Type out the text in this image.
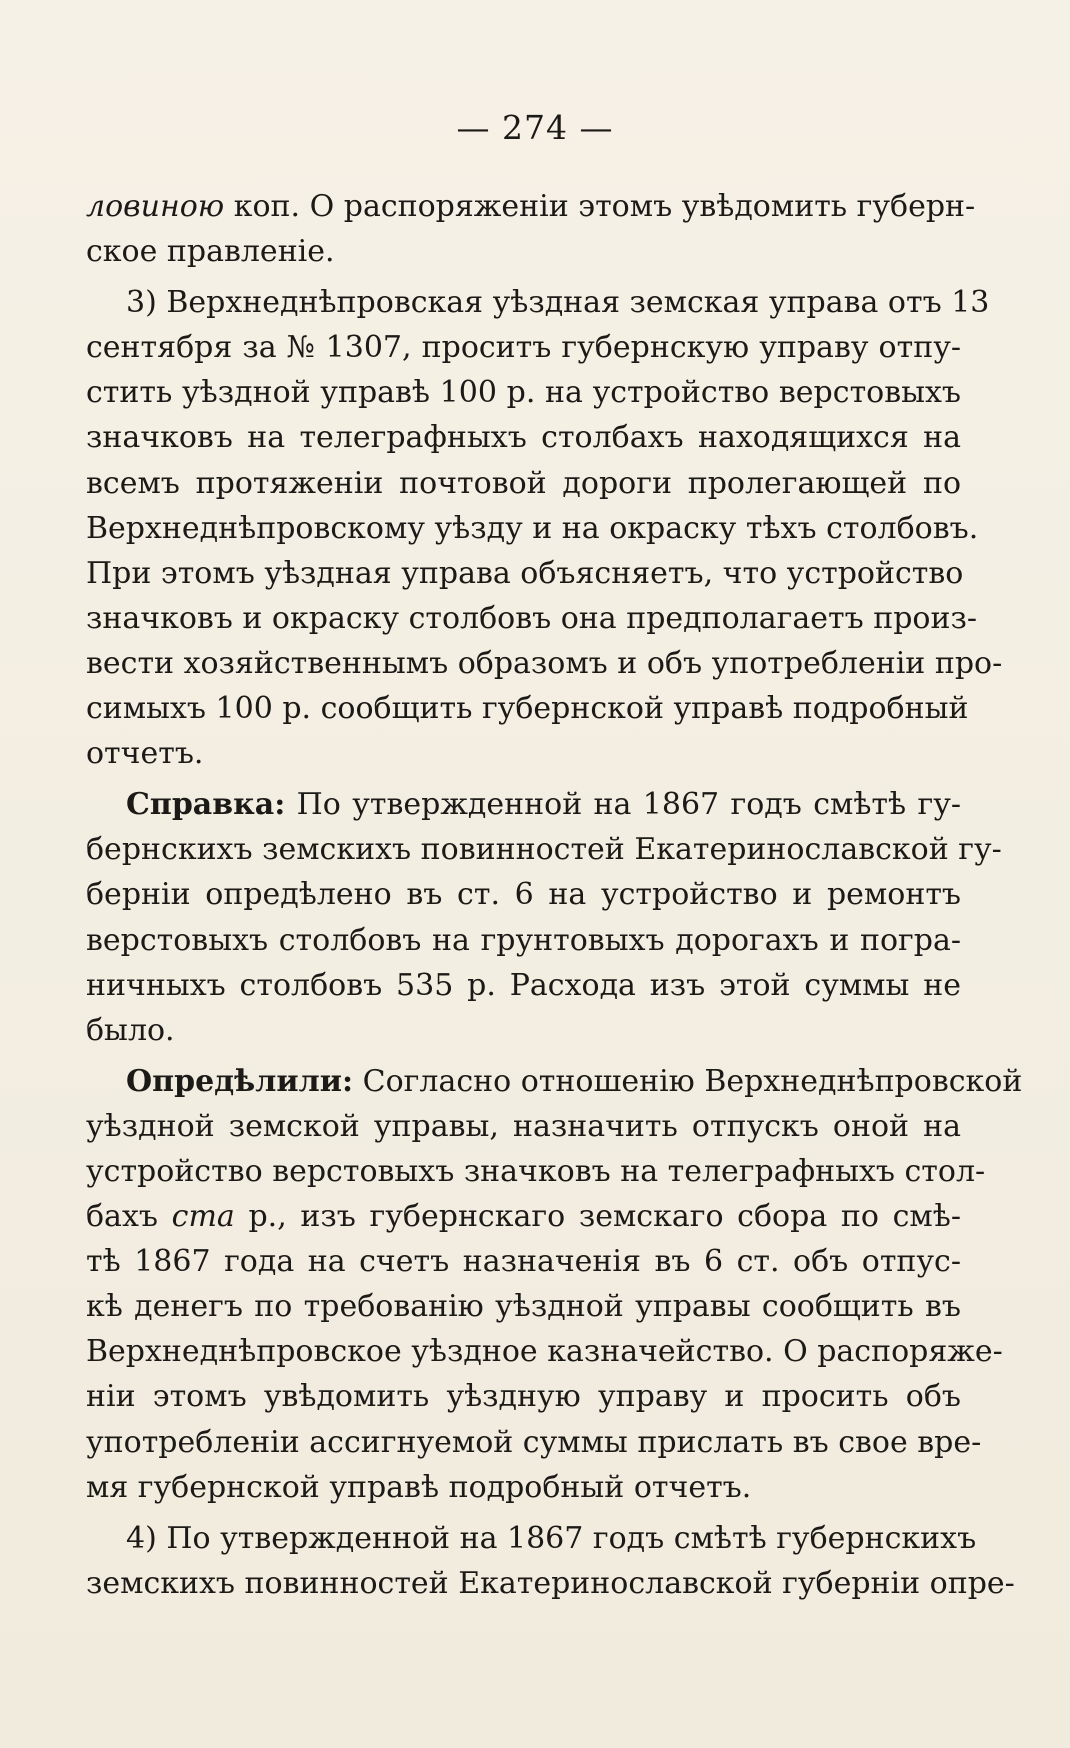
— 274 —
ловиною коп. О распоряженіи этомъ увѣдомить губерн-
ское правленіе.
3) Верхнеднѣпровская уѣздная земская управа отъ 13
сентября за № 1307, проситъ губернскую управу отпу-
стить уѣздной управѣ 100 р. на устройство верстовыхъ
значковъ на телеграфныхъ столбахъ находящихся на
всемъ протяженіи почтовой дороги пролегающей по
Верхнеднѣпровскому уѣзду и на окраску тѣхъ столбовъ.
При этомъ уѣздная управа объясняетъ, что устройство
значковъ и окраску столбовъ она предполагаетъ произ-
вести хозяйственнымъ образомъ и объ употребленіи про-
симыхъ 100 р. сообщить губернской управѣ подробный
отчетъ.
Справка: По утвержденной на 1867 годъ смѣтѣ гу-
бернскихъ земскихъ повинностей Екатеринославской гу-
берніи опредѣлено въ ст. 6 на устройство и ремонтъ
верстовыхъ столбовъ на грунтовыхъ дорогахъ и погра-
ничныхъ столбовъ 535 р. Расхода изъ этой суммы не
было.
Опредѣлили: Согласно отношенію Верхнеднѣпровской
уѣздной земской управы, назначить отпускъ оной на
устройство верстовыхъ значковъ на телеграфныхъ стол-
бахъ ста р., изъ губернскаго земскаго сбора по смѣ-
тѣ 1867 года на счетъ назначенія въ 6 ст. объ отпус-
кѣ денегъ по требованію уѣздной управы сообщить въ
Верхнеднѣпровское уѣздное казначейство. О распоряже-
ніи этомъ увѣдомить уѣздную управу и просить объ
употребленіи ассигнуемой суммы прислать въ свое вре-
мя губернской управѣ подробный отчетъ.
4) По утвержденной на 1867 годъ смѣтѣ губернскихъ
земскихъ повинностей Екатеринославской губерніи опре-
